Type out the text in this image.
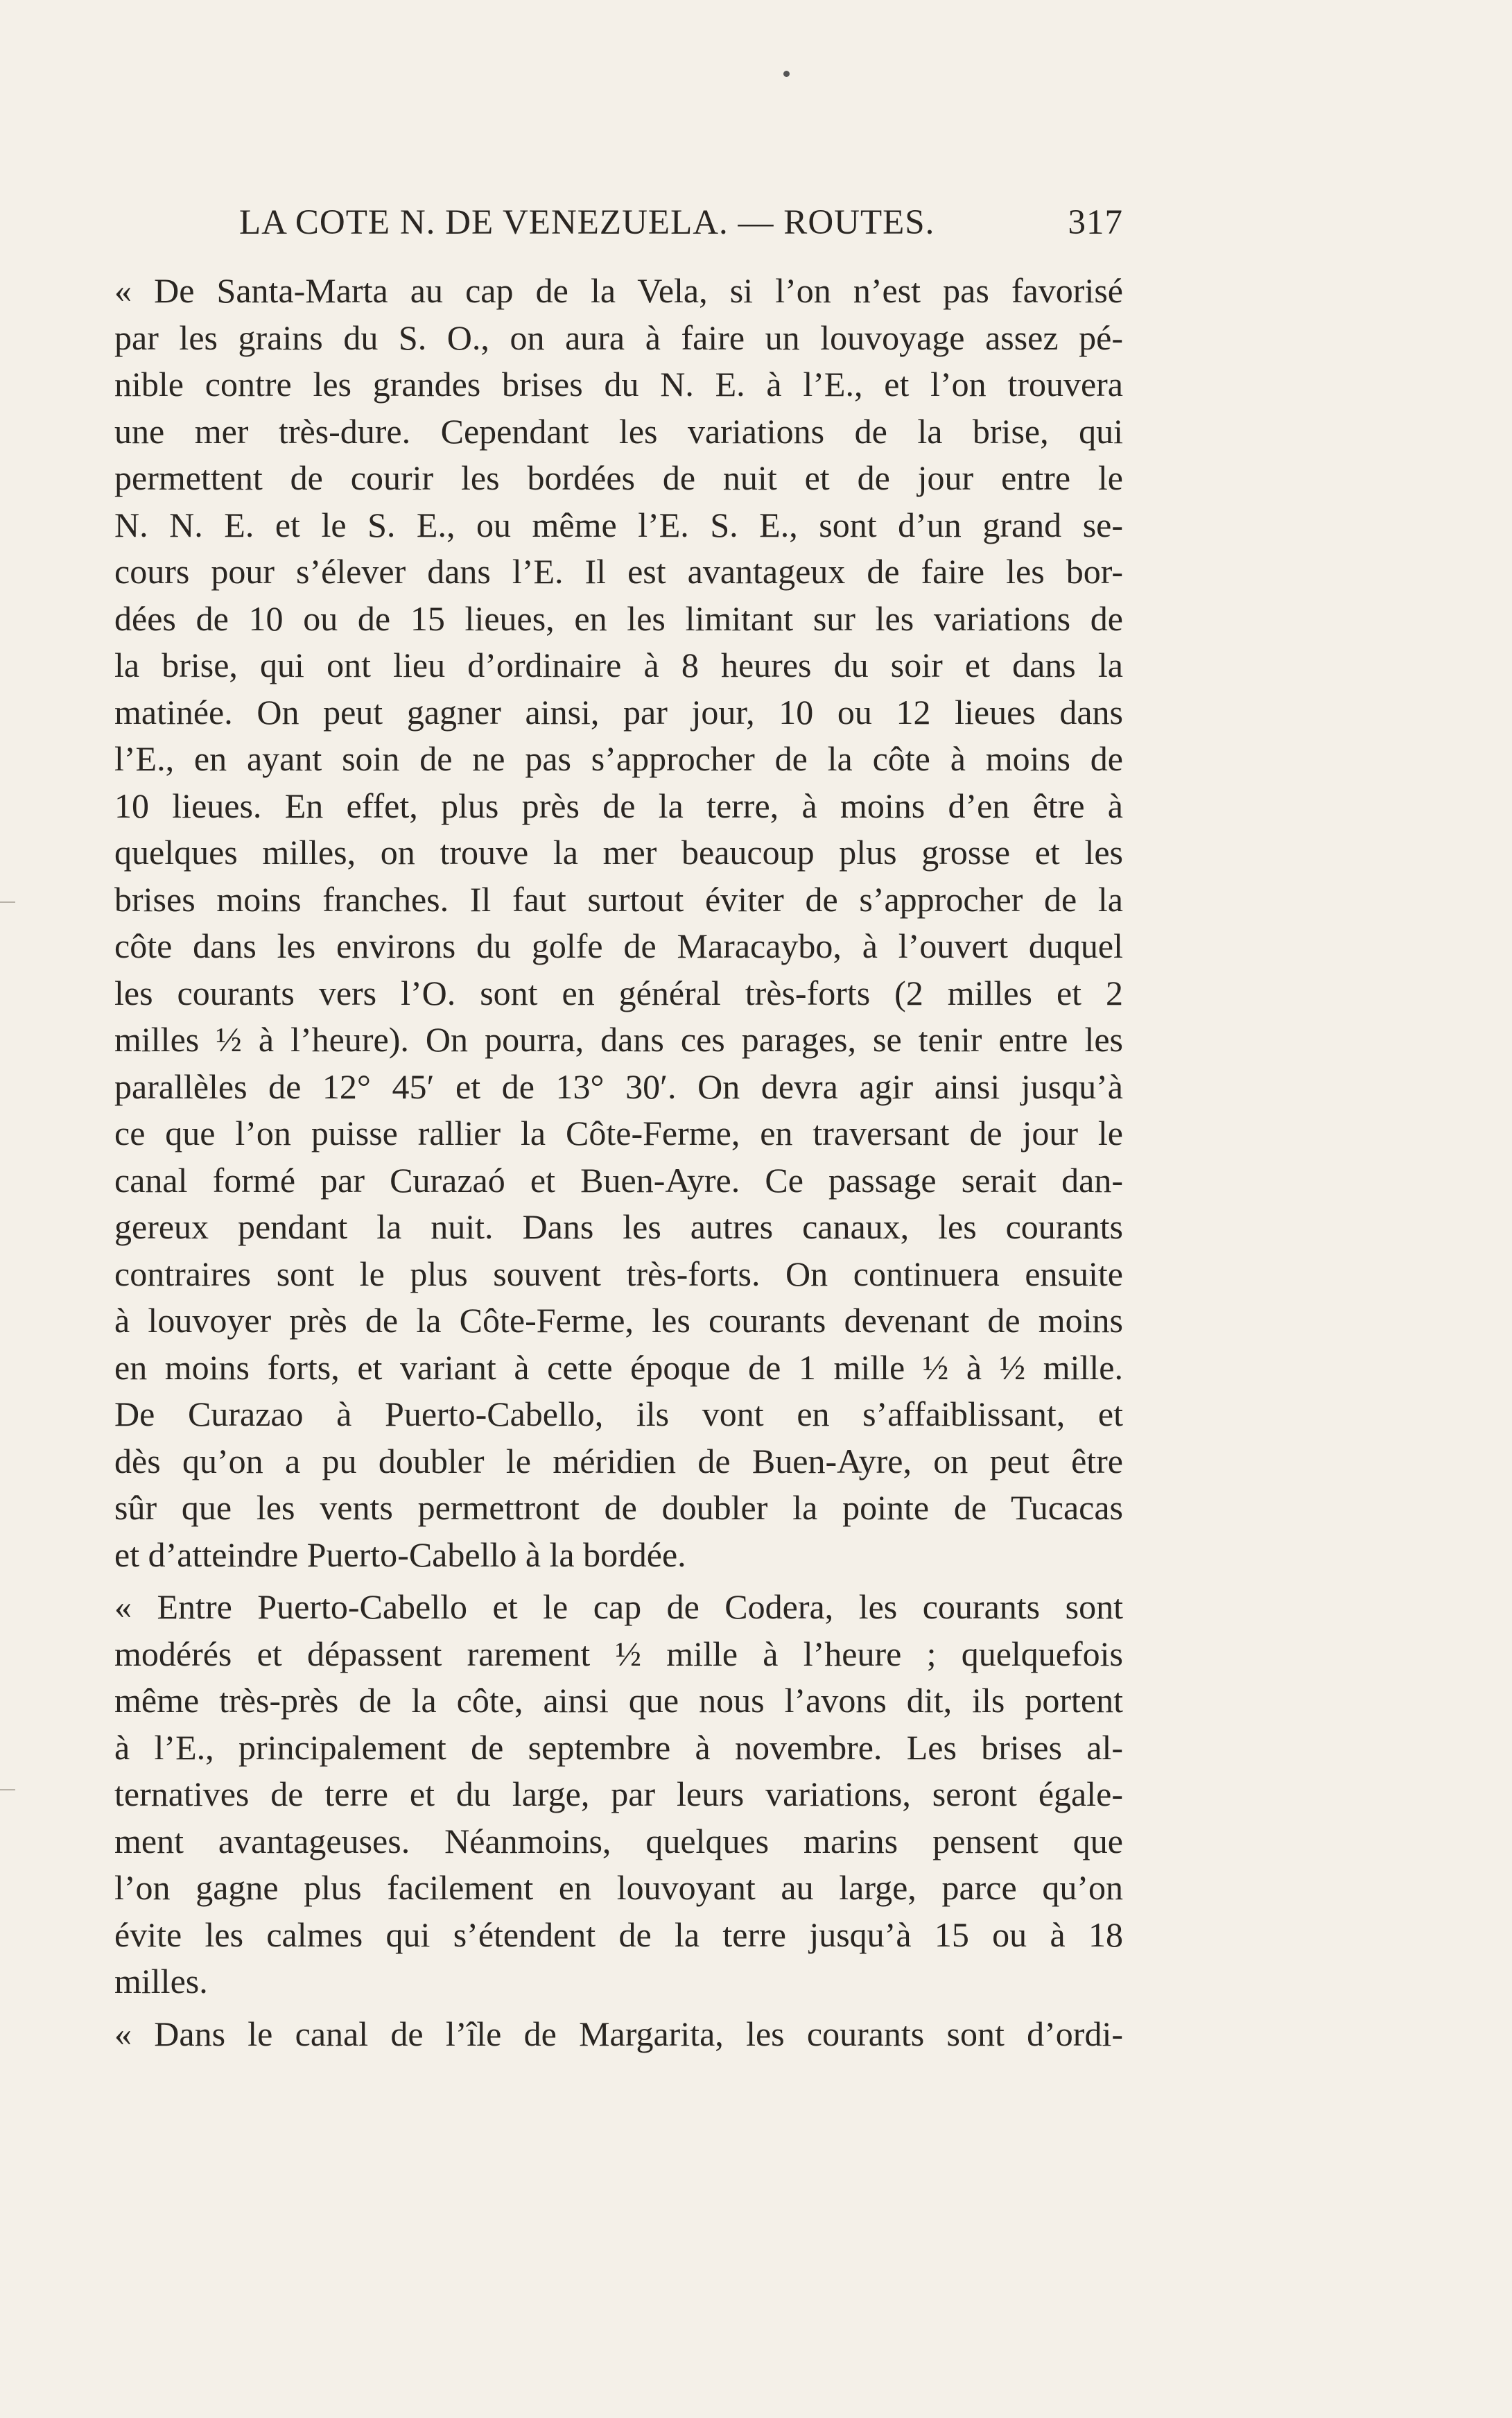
LA COTE N. DE VENEZUELA. — ROUTES.	317
« De Santa-Marta au cap de la Vela, si l’on n’est pas favorisé
par les grains du S. O., on aura à faire un louvoyage assez pé-
nible contre les grandes brises du N. E. à l’E., et l’on trouvera
une mer très-dure. Cependant les variations de la brise, qui
permettent de courir les bordées de nuit et de jour entre le
N. N. E. et le S. E., ou même l’E. S. E., sont d’un grand se-
cours pour s’élever dans l’E. Il est avantageux de faire les bor-
dées de 10 ou de 15 lieues, en les limitant sur les variations de
la brise, qui ont lieu d’ordinaire à 8 heures du soir et dans la
matinée. On peut gagner ainsi, par jour, 10 ou 12 lieues dans
l’E., en ayant soin de ne pas s’approcher de la côte à moins de
10 lieues. En effet, plus près de la terre, à moins d’en être à
quelques milles, on trouve la mer beaucoup plus grosse et les
brises moins franches. Il faut surtout éviter de s’approcher de la
côte dans les environs du golfe de Maracaybo, à l’ouvert duquel
les courants vers l’O. sont en général très-forts (2 milles et 2
milles ½ à l’heure). On pourra, dans ces parages, se tenir entre les
parallèles de 12° 45′ et de 13° 30′. On devra agir ainsi jusqu’à
ce que l’on puisse rallier la Côte-Ferme, en traversant de jour le
canal formé par Curazaó et Buen-Ayre. Ce passage serait dan-
gereux pendant la nuit. Dans les autres canaux, les courants
contraires sont le plus souvent très-forts. On continuera ensuite
à louvoyer près de la Côte-Ferme, les courants devenant de moins
en moins forts, et variant à cette époque de 1 mille ½ à ½ mille.
De Curazao à Puerto-Cabello, ils vont en s’affaiblissant, et
dès qu’on a pu doubler le méridien de Buen-Ayre, on peut être
sûr que les vents permettront de doubler la pointe de Tucacas
et d’atteindre Puerto-Cabello à la bordée.
« Entre Puerto-Cabello et le cap de Codera, les courants sont
modérés et dépassent rarement ½ mille à l’heure ; quelquefois
même très-près de la côte, ainsi que nous l’avons dit, ils portent
à l’E., principalement de septembre à novembre. Les brises al-
ternatives de terre et du large, par leurs variations, seront égale-
ment avantageuses. Néanmoins, quelques marins pensent que
l’on gagne plus facilement en louvoyant au large, parce qu’on
évite les calmes qui s’étendent de la terre jusqu’à 15 ou à 18
milles.
« Dans le canal de l’île de Margarita, les courants sont d’ordi-
